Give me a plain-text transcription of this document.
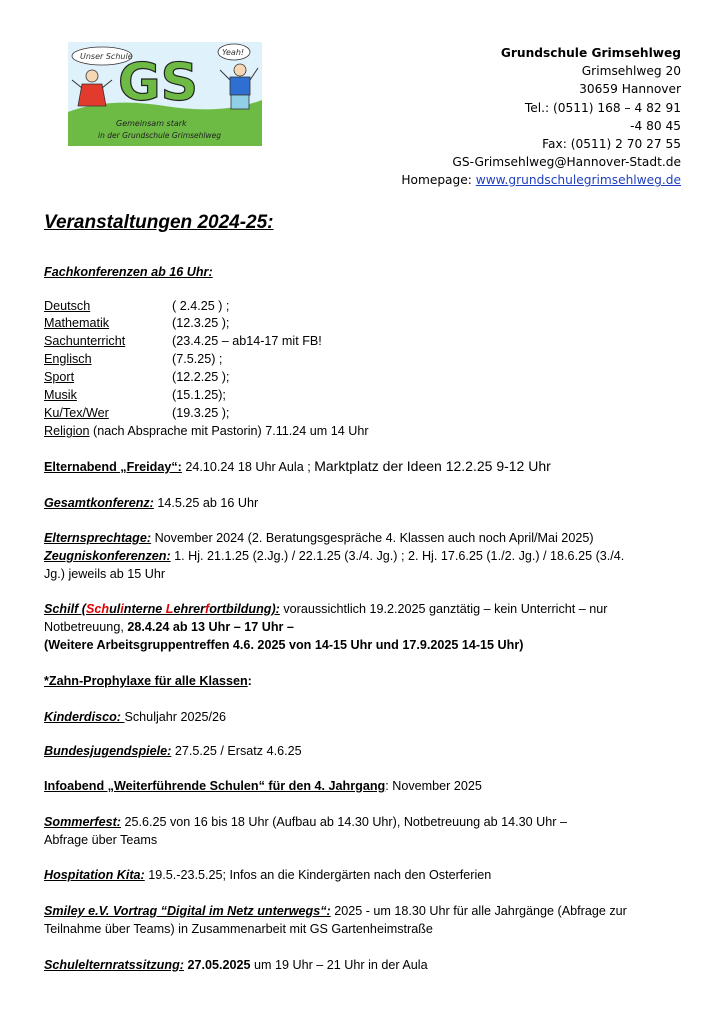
Unser Schule	Yeah!
GS
Gemeinsam stark
in der Grundschule Grimsehlweg
Grundschule Grimsehlweg
Grimsehlweg 20
30659 Hannover
Tel.: (0511) 168 – 4 82 91
-4 80 45
Fax: (0511) 2 70 27 55
GS-Grimsehlweg@Hannover-Stadt.de
Homepage: www.grundschulegrimsehlweg.de
Veranstaltungen 2024-25:
Fachkonferenzen ab 16 Uhr:
Deutsch	( 2.4.25 ) ;
Mathematik	(12.3.25 );
Sachunterricht	(23.4.25 – ab14-17 mit FB!
Englisch	(7.5.25) ;
Sport	(12.2.25 );
Musik	(15.1.25);
Ku/Tex/Wer	(19.3.25 );
Religion (nach Absprache mit Pastorin) 7.11.24 um 14 Uhr
Elternabend „Freiday“: 24.10.24 18 Uhr Aula ; Marktplatz der Ideen 12.2.25 9-12 Uhr
Gesamtkonferenz: 14.5.25 ab 16 Uhr
Elternsprechtage: November 2024 (2. Beratungsgespräche 4. Klassen auch noch April/Mai 2025)
Zeugniskonferenzen: 1. Hj. 21.1.25 (2.Jg.) / 22.1.25 (3./4. Jg.) ; 2. Hj. 17.6.25 (1./2. Jg.) / 18.6.25 (3./4.
Jg.) jeweils ab 15 Uhr
Schilf (Schulinterne Lehrerfortbildung): voraussichtlich 19.2.2025 ganztätig – kein Unterricht – nur
Notbetreuung, 28.4.24 ab 13 Uhr – 17 Uhr –
(Weitere Arbeitsgruppentreffen 4.6. 2025 von 14-15 Uhr und 17.9.2025 14-15 Uhr)
*Zahn-Prophylaxe für alle Klassen:
Kinderdisco: Schuljahr 2025/26
Bundesjugendspiele: 27.5.25 / Ersatz 4.6.25
Infoabend „Weiterführende Schulen“ für den 4. Jahrgang: November 2025
Sommerfest: 25.6.25 von 16 bis 18 Uhr (Aufbau ab 14.30 Uhr), Notbetreuung ab 14.30 Uhr –
Abfrage über Teams
Hospitation Kita: 19.5.-23.5.25; Infos an die Kindergärten nach den Osterferien
Smiley e.V. Vortrag “Digital im Netz unterwegs“: 2025 - um 18.30 Uhr für alle Jahrgänge (Abfrage zur
Teilnahme über Teams) in Zusammenarbeit mit GS Gartenheimstraße
Schulelternratssitzung: 27.05.2025 um 19 Uhr – 21 Uhr in der Aula
